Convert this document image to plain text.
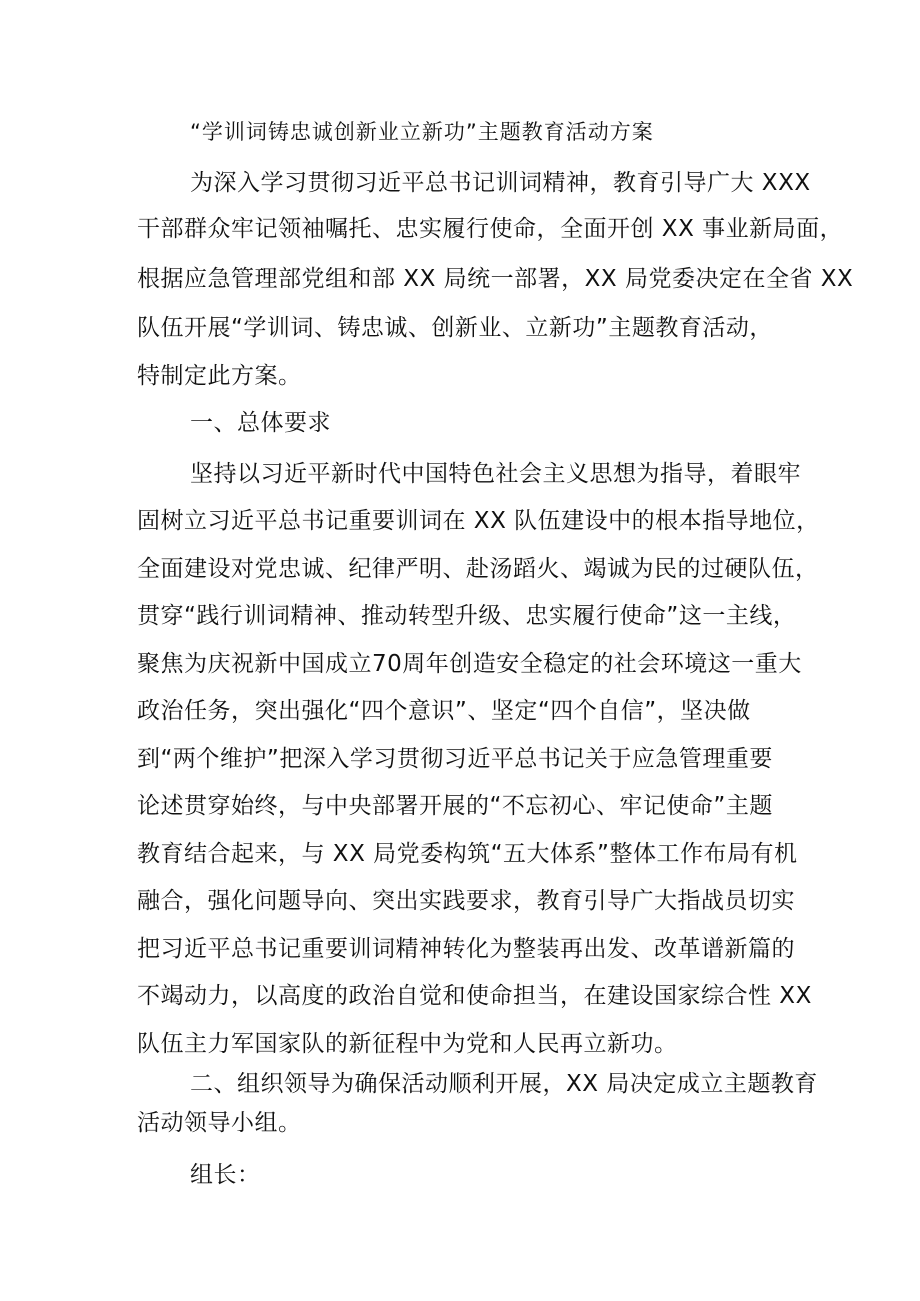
“学训词铸忠诚创新业立新功”主题教育活动方案
为深入学习贯彻习近平总书记训词精神，教育引导广大 XXX
干部群众牢记领袖嘱托、忠实履行使命，全面开创 XX 事业新局面，
根据应急管理部党组和部 XX 局统一部署，XX 局党委决定在全省 XX
队伍开展“学训词、铸忠诚、创新业、立新功”主题教育活动，
特制定此方案。
一、总体要求
坚持以习近平新时代中国特色社会主义思想为指导，着眼牢
固树立习近平总书记重要训词在 XX 队伍建设中的根本指导地位，
全面建设对党忠诚、纪律严明、赴汤蹈火、竭诚为民的过硬队伍，
贯穿“践行训词精神、推动转型升级、忠实履行使命”这一主线，
聚焦为庆祝新中国成立70周年创造安全稳定的社会环境这一重大
政治任务，突出强化“四个意识”、坚定“四个自信”，坚决做
到“两个维护”把深入学习贯彻习近平总书记关于应急管理重要
论述贯穿始终，与中央部署开展的“不忘初心、牢记使命”主题
教育结合起来，与 XX 局党委构筑“五大体系”整体工作布局有机
融合，强化问题导向、突出实践要求，教育引导广大指战员切实
把习近平总书记重要训词精神转化为整装再出发、改革谱新篇的
不竭动力，以高度的政治自觉和使命担当，在建设国家综合性 XX
队伍主力军国家队的新征程中为党和人民再立新功。
二、组织领导为确保活动顺利开展，XX 局决定成立主题教育
活动领导小组。
组长：
